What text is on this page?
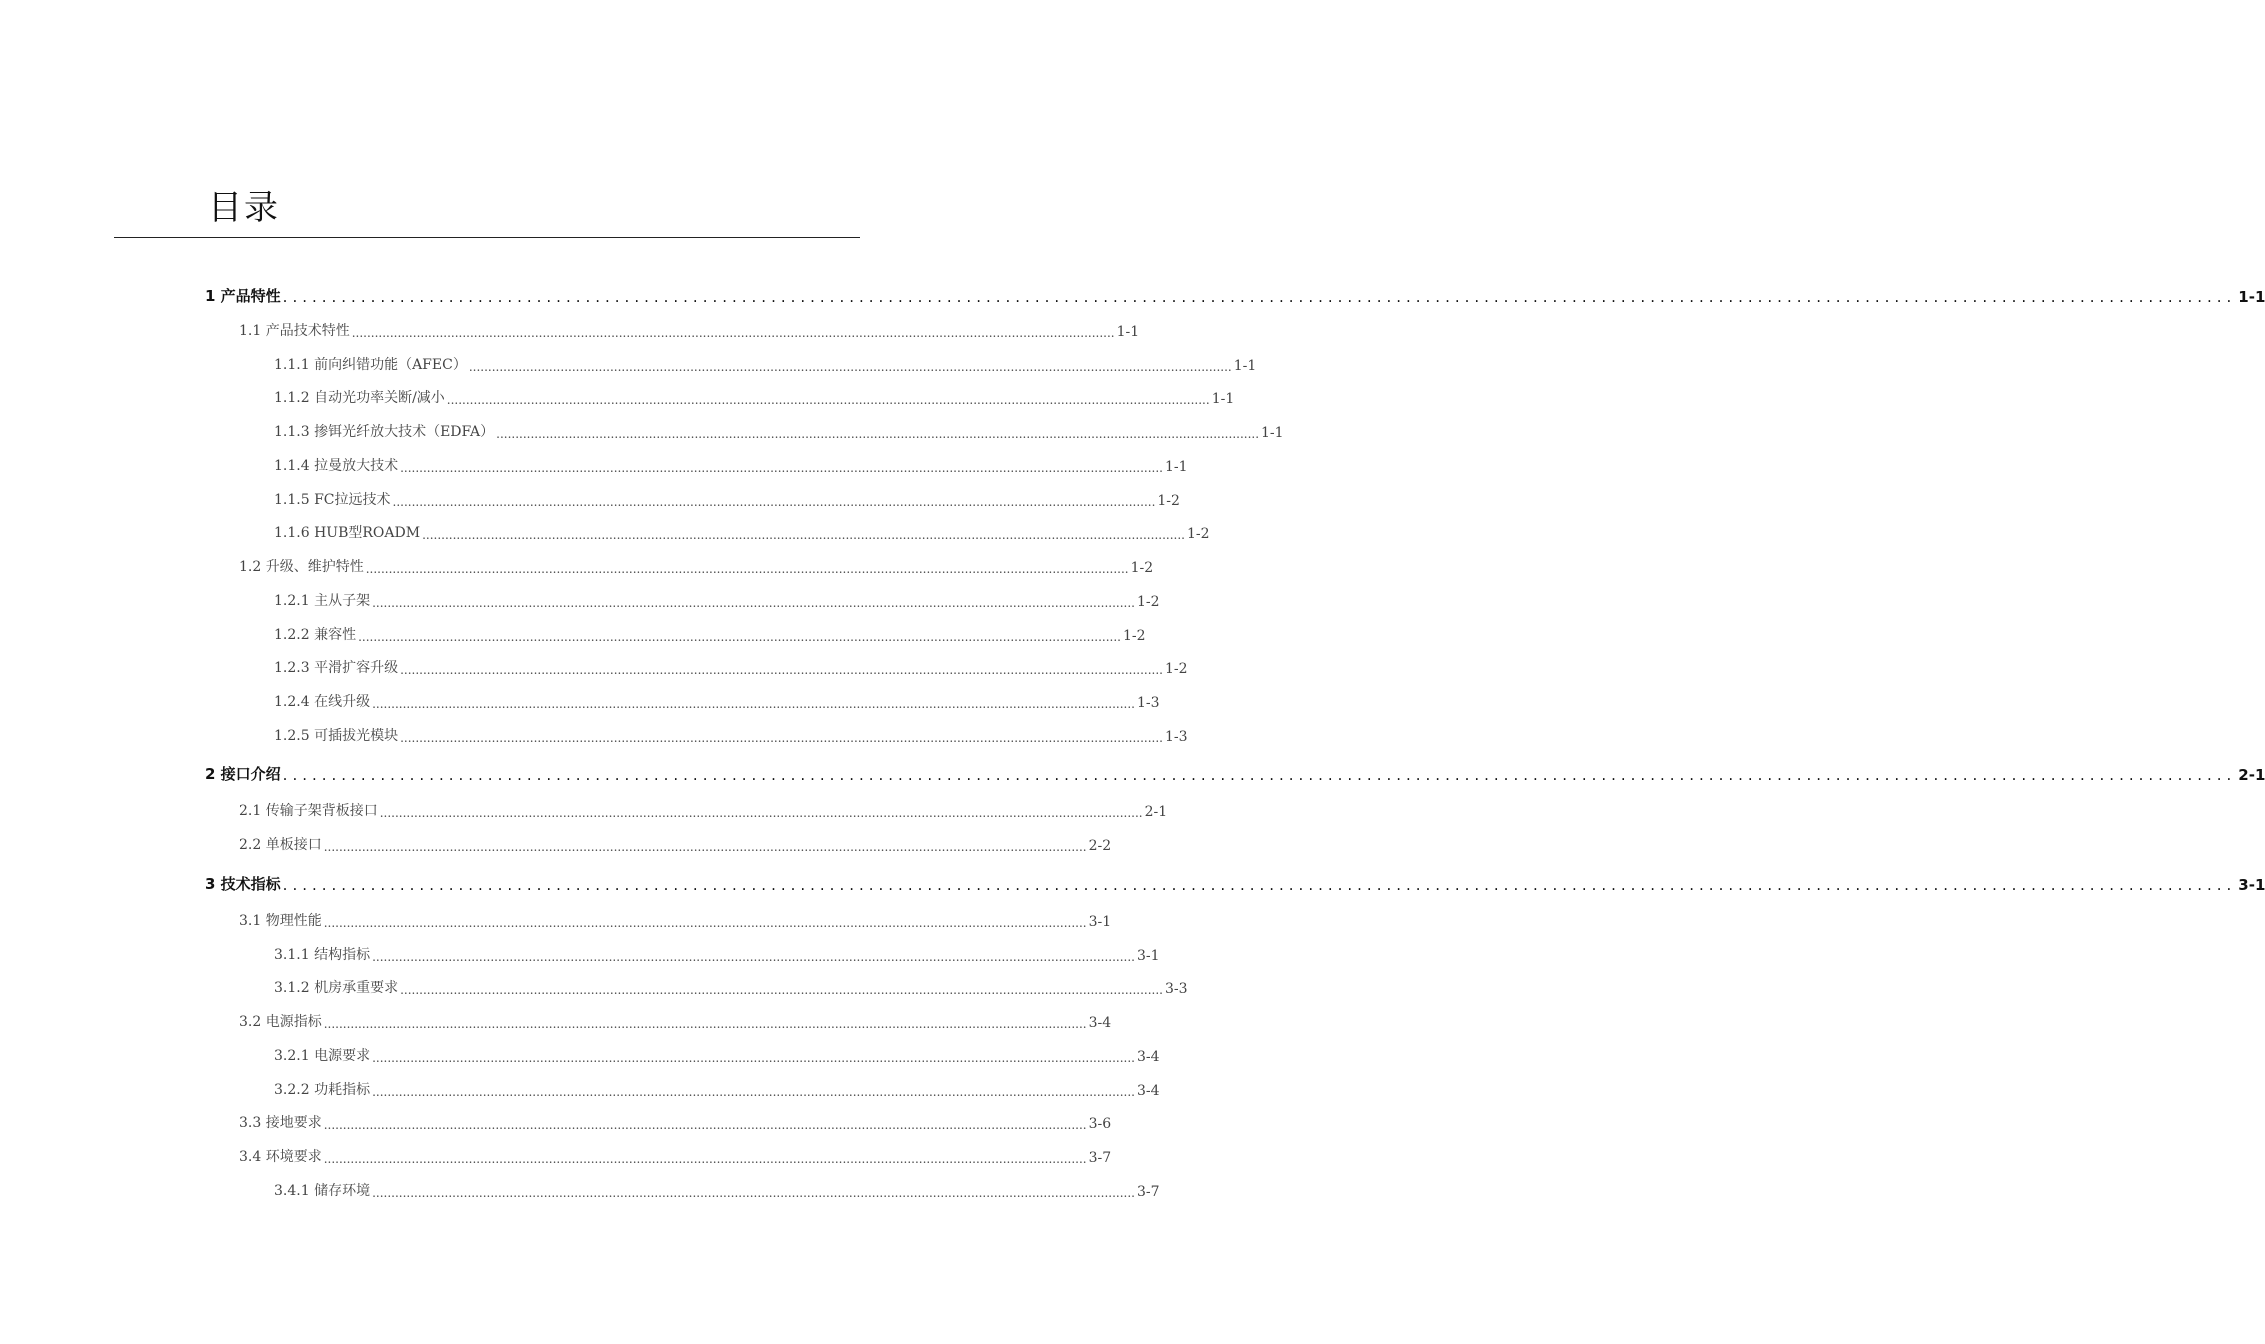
目录
1 产品特性 ........................................................................................................................................................................................................ 1-1
1.1 产品技术特性 ........................................................................................................................................................................................................ 1-1
1.1.1 前向纠错功能（AFEC） ........................................................................................................................................................................................................ 1-1
1.1.2 自动光功率关断/减小 ........................................................................................................................................................................................................ 1-1
1.1.3 掺铒光纤放大技术（EDFA） ........................................................................................................................................................................................................ 1-1
1.1.4 拉曼放大技术 ........................................................................................................................................................................................................ 1-1
1.1.5 FC拉远技术 ........................................................................................................................................................................................................ 1-2
1.1.6 HUB型ROADM ........................................................................................................................................................................................................ 1-2
1.2 升级、维护特性 ........................................................................................................................................................................................................ 1-2
1.2.1 主从子架 ........................................................................................................................................................................................................ 1-2
1.2.2 兼容性 ........................................................................................................................................................................................................ 1-2
1.2.3 平滑扩容升级 ........................................................................................................................................................................................................ 1-2
1.2.4 在线升级 ........................................................................................................................................................................................................ 1-3
1.2.5 可插拔光模块 ........................................................................................................................................................................................................ 1-3
2 接口介绍 ........................................................................................................................................................................................................ 2-1
2.1 传输子架背板接口 ........................................................................................................................................................................................................ 2-1
2.2 单板接口 ........................................................................................................................................................................................................ 2-2
3 技术指标 ........................................................................................................................................................................................................ 3-1
3.1 物理性能 ........................................................................................................................................................................................................ 3-1
3.1.1 结构指标 ........................................................................................................................................................................................................ 3-1
3.1.2 机房承重要求 ........................................................................................................................................................................................................ 3-3
3.2 电源指标 ........................................................................................................................................................................................................ 3-4
3.2.1 电源要求 ........................................................................................................................................................................................................ 3-4
3.2.2 功耗指标 ........................................................................................................................................................................................................ 3-4
3.3 接地要求 ........................................................................................................................................................................................................ 3-6
3.4 环境要求 ........................................................................................................................................................................................................ 3-7
3.4.1 储存环境 ........................................................................................................................................................................................................ 3-7
